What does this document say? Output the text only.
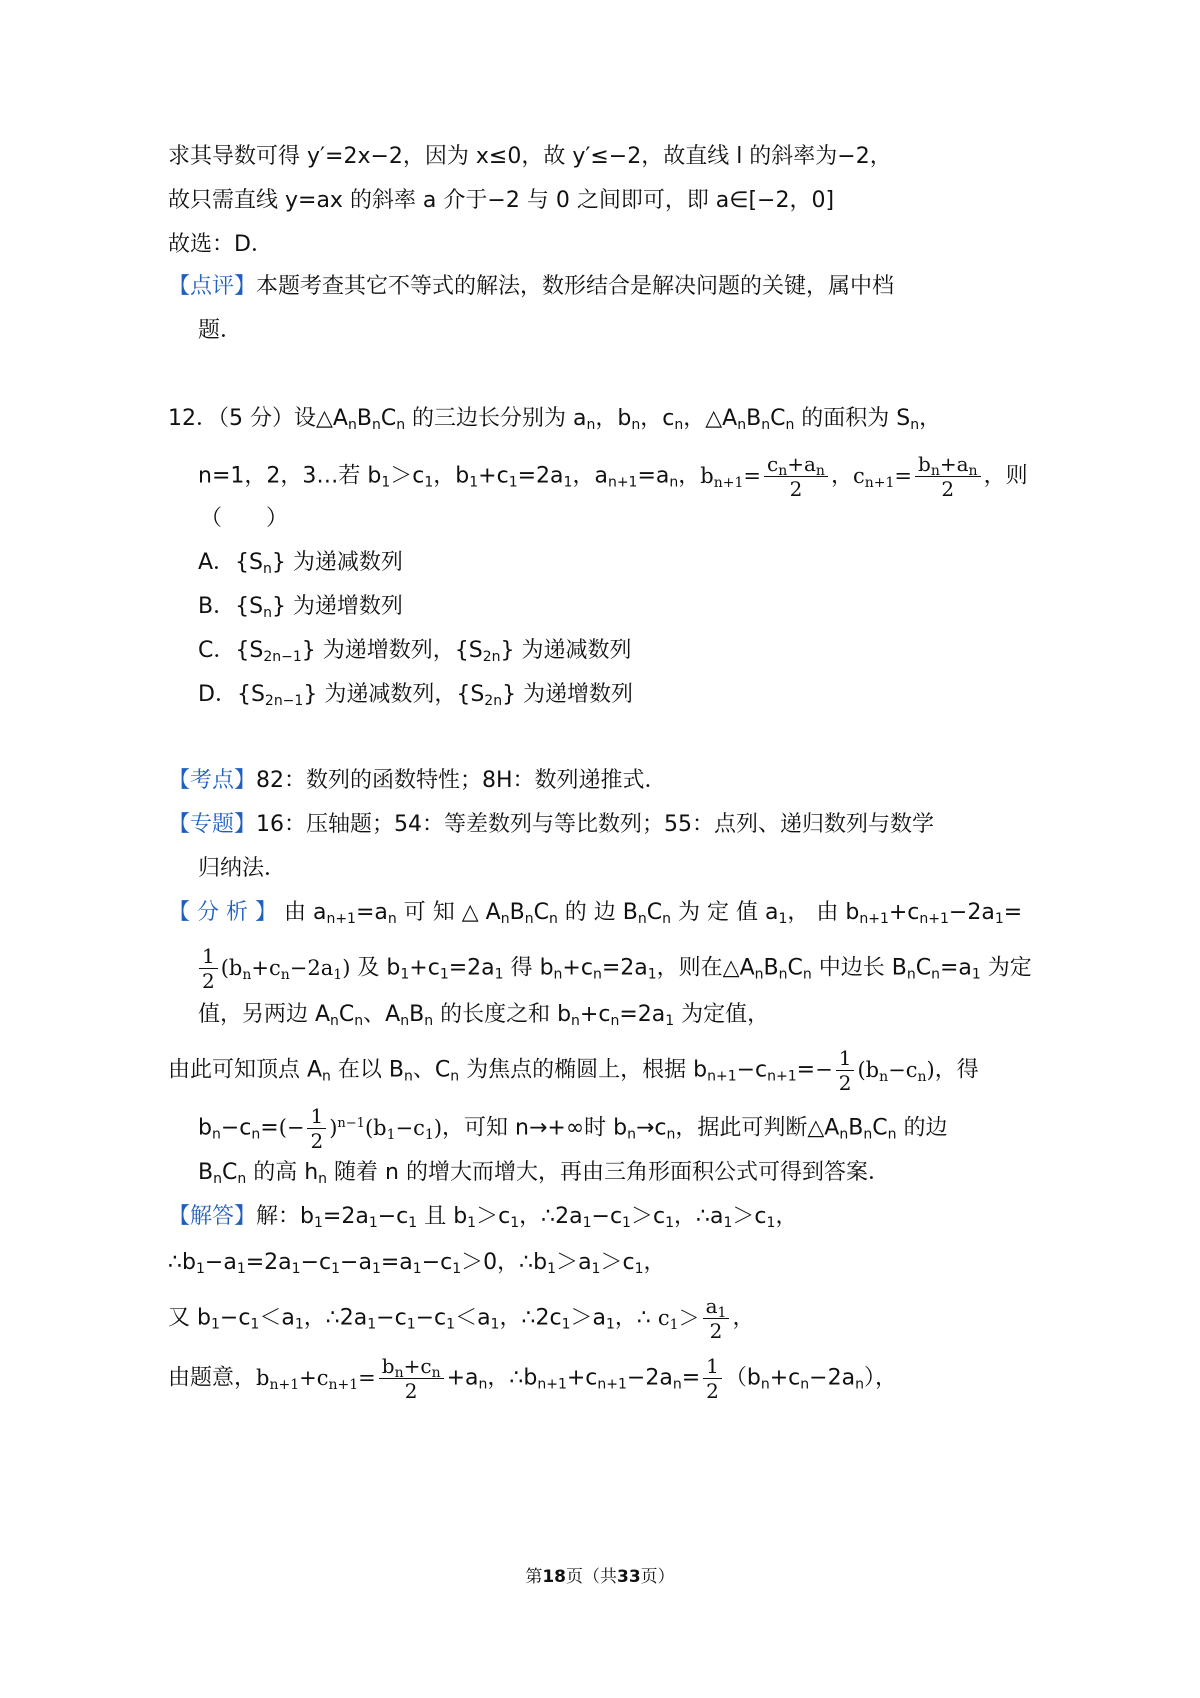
求其导数可得 y′=2x−2，因为 x≤0，故 y′≤−2，故直线 l 的斜率为−2，
故只需直线 y=ax 的斜率 a 介于−2 与 0 之间即可，即 a∈[−2，0]
故选：D．
【点评】本题考查其它不等式的解法，数形结合是解决问题的关键，属中档
题．
12．（5 分）设$\triangle A_nB_nC_n$ 的三边长分别为 $a_n$，$b_n$，$c_n$，$\triangle A_nB_nC_n$ 的面积为 $S_n$，
n=1，2，3…若 $b_1>c_1$，$b_1+c_1=2a_1$，$a_{n+1}=a_n$，$b_{n+1}= \frac{c_n+a_n}{2}$ ，$c_{n+1}= \frac{b_n+a_n}{2}$ ，则
（　　）
A．$\{S_n\}$ 为递减数列
B．$\{S_n\}$ 为递增数列
C．$\{S_{2n-1}\}$ 为递增数列，$\{S_{2n}\}$ 为递减数列
D．$\{S_{2n-1}\}$ 为递减数列，$\{S_{2n}\}$ 为递增数列
【考点】82：数列的函数特性；8H：数列递推式．
【专题】16：压轴题；54：等差数列与等比数列；55：点列、递归数列与数学
归纳法．
【 分 析 】 由 $a_{n+1}=a_n$ 可 知 △ $A_nB_nC_n$ 的 边 $B_nC_n$ 为 定 值 $a_1$， 由 $b_{n+1}+c_{n+1}-2a_1=$
$\frac{1}{2} (b_n+c_n-2a_1)$ 及 $b_1+c_1=2a_1$ 得 $b_n+c_n=2a_1$，则在$\triangle A_nB_nC_n$ 中边长 $B_nC_n=a_1$ 为定
值，另两边 $A_nC_n$、$A_nB_n$ 的长度之和 $b_n+c_n=2a_1$ 为定值，
由此可知顶点 $A_n$ 在以 $B_n$、$C_n$ 为焦点的椭圆上，根据 $b_{n+1}-c_{n+1}=- \frac{1}{2} (b_n-c_n)$，得
$b_n-c_n=(- \frac{1}{2} )^{n-1}(b_1-c_1)$，可知 n→+∞时 $b_n\to c_n$，据此可判断$\triangle A_nB_nC_n$ 的边
$B_nC_n$ 的高 $h_n$ 随着 n 的增大而增大，再由三角形面积公式可得到答案．
【解答】解：$b_1=2a_1-c_1$ 且 $b_1>c_1$，$\therefore 2a_1-c_1>c_1$，$\therefore a_1>c_1$，
$\therefore b_1-a_1=2a_1-c_1-a_1=a_1-c_1>0$，$\therefore b_1>a_1>c_1$，
又 $b_1-c_1<a_1$，$\therefore 2a_1-c_1-c_1<a_1$，$\therefore 2c_1>a_1$，∴ $c_1> \frac{a_1}{2}$ ，
由题意，$b_{n+1}+c_{n+1}= \frac{b_n+c_n}{2} +a_n$，$\therefore b_{n+1}+c_{n+1}-2a_n= \frac{1}{2} (b_n+c_n-2a_n)$，
第18页（共33页）
